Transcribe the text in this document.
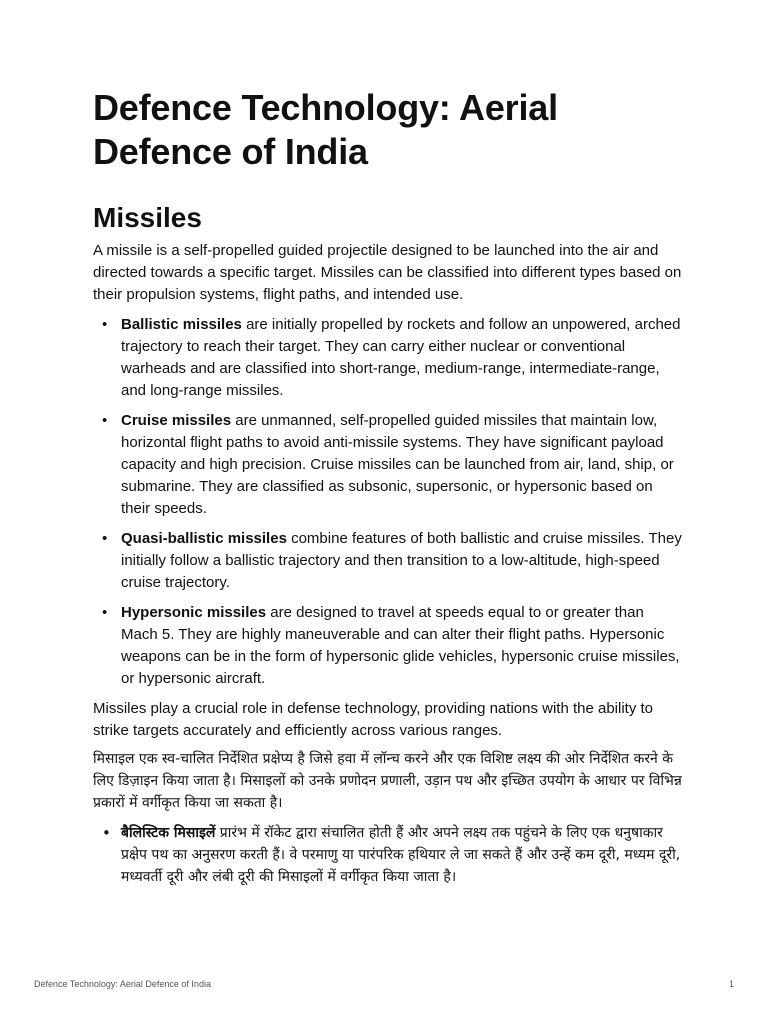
Defence Technology: Aerial Defence of India
Missiles

A missile is a self-propelled guided projectile designed to be launched into the air and directed towards a specific target. Missiles can be classified into different types based on their propulsion systems, flight paths, and intended use.

• Ballistic missiles are initially propelled by rockets and follow an unpowered, arched trajectory to reach their target. They can carry either nuclear or conventional warheads and are classified into short-range, medium-range, intermediate-range, and long-range missiles.
• Cruise missiles are unmanned, self-propelled guided missiles that maintain low, horizontal flight paths to avoid anti-missile systems. They have significant payload capacity and high precision. Cruise missiles can be launched from air, land, ship, or submarine. They are classified as subsonic, supersonic, or hypersonic based on their speeds.
• Quasi-ballistic missiles combine features of both ballistic and cruise missiles. They initially follow a ballistic trajectory and then transition to a low-altitude, high-speed cruise trajectory.
• Hypersonic missiles are designed to travel at speeds equal to or greater than Mach 5. They are highly maneuverable and can alter their flight paths. Hypersonic weapons can be in the form of hypersonic glide vehicles, hypersonic cruise missiles, or hypersonic aircraft.

Missiles play a crucial role in defense technology, providing nations with the ability to strike targets accurately and efficiently across various ranges.

मिसाइल एक स्व-चालित निर्देशित प्रक्षेप्य है जिसे हवा में लॉन्च करने और एक विशिष्ट लक्ष्य की ओर निर्देशित करने के लिए डिज़ाइन किया जाता है। मिसाइलों को उनके प्रणोदन प्रणाली, उड़ान पथ और इच्छित उपयोग के आधार पर विभिन्न प्रकारों में वर्गीकृत किया जा सकता है।

• बैलिस्टिक मिसाइलें प्रारंभ में रॉकेट द्वारा संचालित होती हैं और अपने लक्ष्य तक पहुंचने के लिए एक धनुषाकार प्रक्षेप पथ का अनुसरण करती हैं। वे परमाणु या पारंपरिक हथियार ले जा सकते हैं और उन्हें कम दूरी, मध्यम दूरी, मध्यवर्ती दूरी और लंबी दूरी की मिसाइलों में वर्गीकृत किया जाता है।
Defence Technology: Aerial Defence of India	1
